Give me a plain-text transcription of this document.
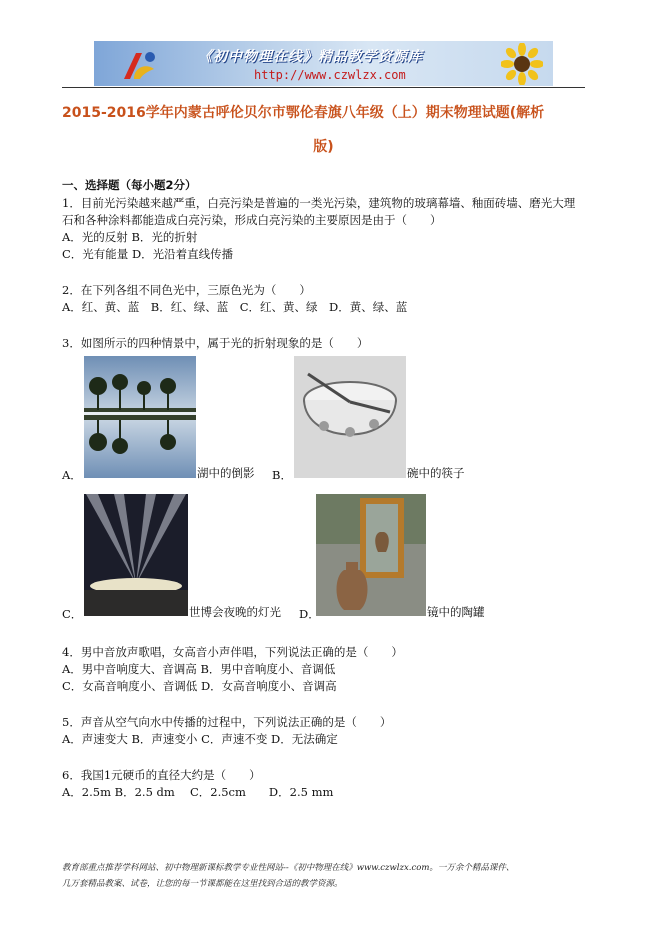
《初中物理在线》精品教学资源库
http://www.czwlzx.com
2015-2016学年内蒙古呼伦贝尔市鄂伦春旗八年级（上）期末物理试题(解析
版)
一、选择题（每小题2分）
1．目前光污染越来越严重，白亮污染是普遍的一类光污染，建筑物的玻璃幕墙、釉面砖墙、磨光大理
石和各种涂料都能造成白亮污染，形成白亮污染的主要原因是由于（　　）
A．光的反射 B．光的折射
C．光有能量 D．光沿着直线传播
2．在下列各组不同色光中，三原色光为（　　）
A．红、黄、蓝　B．红、绿、蓝　C．红、黄、绿　D．黄、绿、蓝
3．如图所示的四种情景中，属于光的折射现象的是（　　）
A．	湖中的倒影 B．	碗中的筷子
C．	世博会夜晚的灯光 D．	镜中的陶罐
4．男中音放声歌唱，女高音小声伴唱，下列说法正确的是（　　）
A．男中音响度大、音调高 B．男中音响度小、音调低
C．女高音响度小、音调低 D．女高音响度小、音调高
5．声音从空气向水中传播的过程中，下列说法正确的是（　　）
A．声速变大 B．声速变小 C．声速不变 D．无法确定
6．我国1元硬币的直径大约是（　　）
A．2.5m B．2.5 dm　 C．2.5cm　　D．2.5 mm
教育部重点推荐学科网站、初中物理新课标教学专业性网站--《初中物理在线》www.czwlzx.com。一万余个精品课件、
几万套精品教案、试卷，让您的每一节课都能在这里找到合适的教学资源。
